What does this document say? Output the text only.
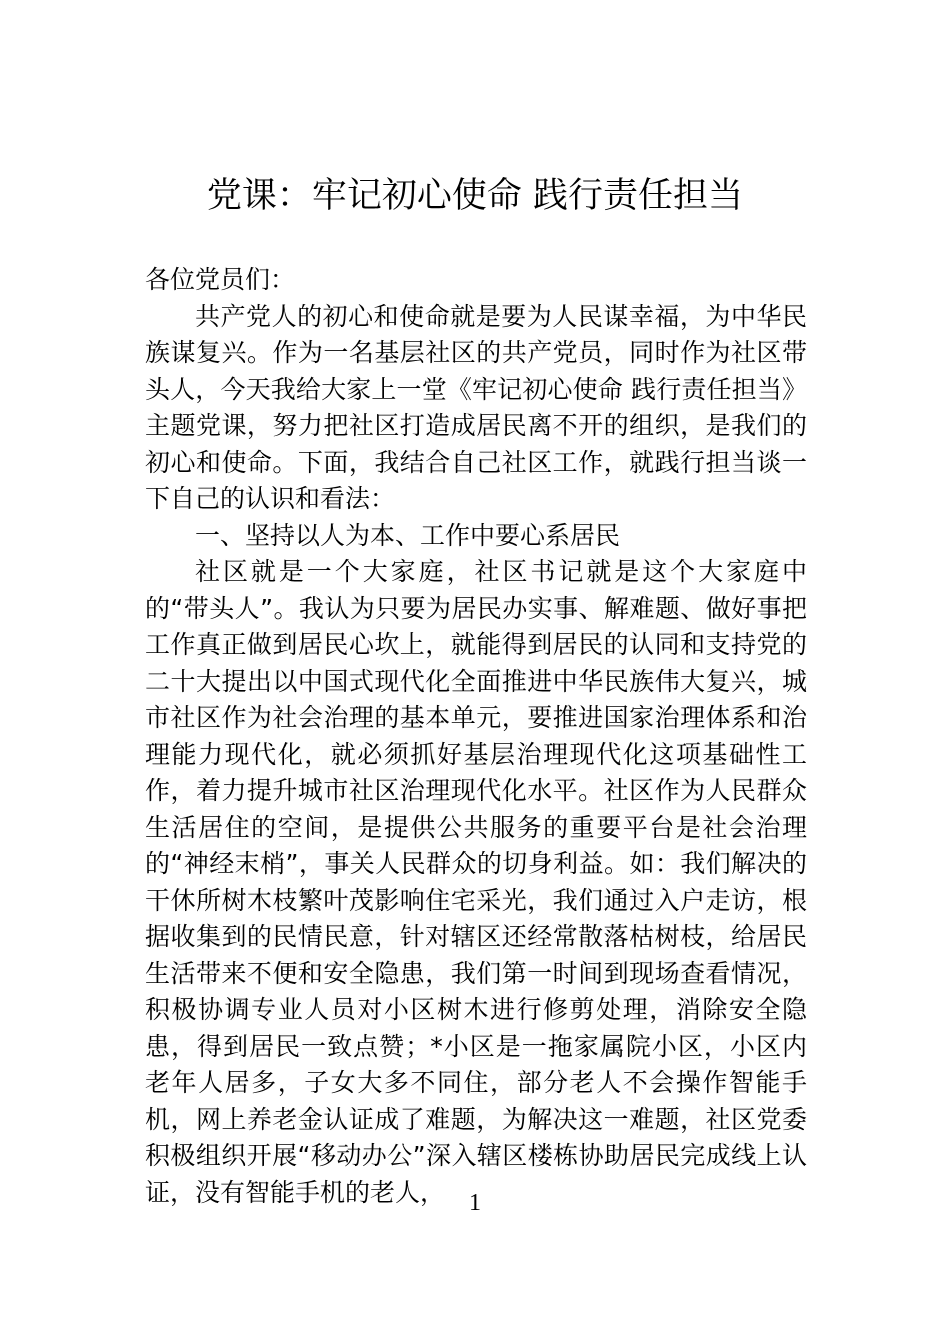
党课：牢记初心使命 践行责任担当

各位党员们：

共产党人的初心和使命就是要为人民谋幸福，为中华民族谋复兴。作为一名基层社区的共产党员，同时作为社区带头人，今天我给大家上一堂《牢记初心使命 践行责任担当》主题党课，努力把社区打造成居民离不开的组织，是我们的初心和使命。下面，我结合自己社区工作，就践行担当谈一下自己的认识和看法：

一、坚持以人为本、工作中要心系居民

社区就是一个大家庭，社区书记就是这个大家庭中的“带头人”。我认为只要为居民办实事、解难题、做好事把工作真正做到居民心坎上，就能得到居民的认同和支持党的二十大提出以中国式现代化全面推进中华民族伟大复兴，城市社区作为社会治理的基本单元，要推进国家治理体系和治理能力现代化，就必须抓好基层治理现代化这项基础性工作，着力提升城市社区治理现代化水平。社区作为人民群众生活居住的空间，是提供公共服务的重要平台是社会治理的“神经末梢”，事关人民群众的切身利益。如：我们解决的干休所树木枝繁叶茂影响住宅采光，我们通过入户走访，根据收集到的民情民意，针对辖区还经常散落枯树枝，给居民生活带来不便和安全隐患，我们第一时间到现场查看情况，积极协调专业人员对小区树木进行修剪处理，消除安全隐患，得到居民一致点赞；*小区是一拖家属院小区，小区内老年人居多，子女大多不同住，部分老人不会操作智能手机，网上养老金认证成了难题，为解决这一难题，社区党委积极组织开展“移动办公”深入辖区楼栋协助居民完成线上认证，没有智能手机的老人， 1
